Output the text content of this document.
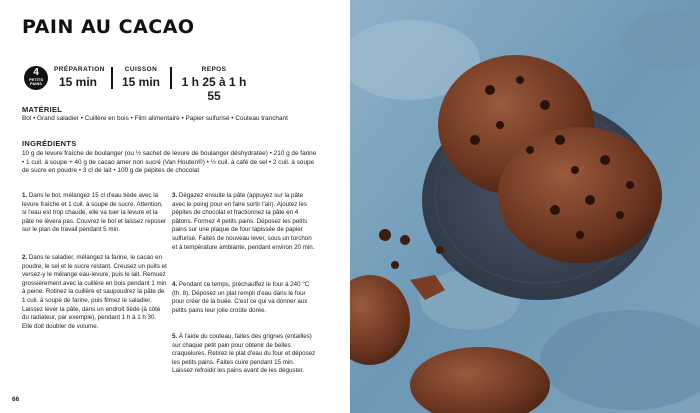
PAIN AU CACAO
4
PETITS PAINS
PRÉPARATION
15 min
CUISSON
15 min
REPOS
1 h 25 à 1 h 55
MATÉRIEL
Bol • Grand saladier • Cuillère en bois • Film alimentaire • Papier sulfurisé • Couteau tranchant
INGRÉDIENTS
10 g de levure fraîche de boulanger (ou ½ sachet de levure de boulanger déshydratée) • 210 g de farine • 1 cuil. à soupe + 40 g de cacao amer non sucré (Van Houten®) • ½ cuil. à café de sel • 2 cuil. à soupe de sucre en poudre • 3 cl de lait • 100 g de pépites de chocolat
1. Dans le bol, mélangez 15 cl d'eau tiède avec la levure fraîche et 1 cuil. à soupe de sucre. Attention, si l'eau est trop chaude, elle va tuer la levure et la pâte ne lèvera pas. Couvrez le bol et laissez reposer sur le plan de travail pendant 5 min.
2. Dans le saladier, mélangez la farine, le cacao en poudre, le sel et le sucre restant. Creusez un puits et versez-y le mélange eau-levure, puis le lait. Remuez grossièrement avec la cuillère en bois pendant 1 min à peine. Rotinez la cuillère et saupoudrez la pâte de 1 cuil. à soupe de farine, puis filmez le saladier. Laissez lever la pâte, dans un endroit tiède (à côté du radiateur, par exemple), pendant 1 h à 1 h 30. Elle doit doubler de volume.
3. Dégazez ensuite la pâte (appuyez sur la pâte avec le poing pour en faire sortir l'air). Ajoutez les pépites de chocolat et fractionnez la pâte en 4 pâtons. Formez 4 petits pains. Déposez les petits pains sur une plaque de four tapissée de papier sulfurisé. Faites de nouveau lever, sous un torchon et à température ambiante, pendant environ 20 min.
4. Pendant ce temps, préchauffez le four à 240 °C (th. 8). Déposez un plat rempli d'eau dans le four pour créer de la buée. C'est ce qui va donner aux petits pains leur jolie croûte dorée.
5. À l'aide du couteau, faites des grignes (entailles) sur chaque petit pain pour obtenir de belles craquelures. Retirez le plat d'eau du four et déposez les petits pains. Faites cuire pendant 15 min. Laissez refroidir les pains avant de les déguster.
66
